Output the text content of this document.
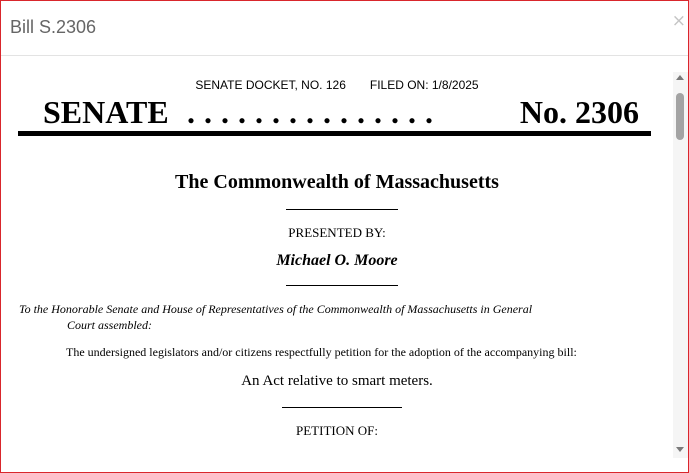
Bill S.2306	×
SENATE DOCKET, NO. 126 FILED ON: 1/8/2025
SENATE ............... No. 2306
The Commonwealth of Massachusetts
PRESENTED BY:
Michael O. Moore
To the Honorable Senate and House of Representatives of the Commonwealth of Massachusetts in General
Court assembled:
The undersigned legislators and/or citizens respectfully petition for the adoption of the accompanying bill:
An Act relative to smart meters.
PETITION OF:
